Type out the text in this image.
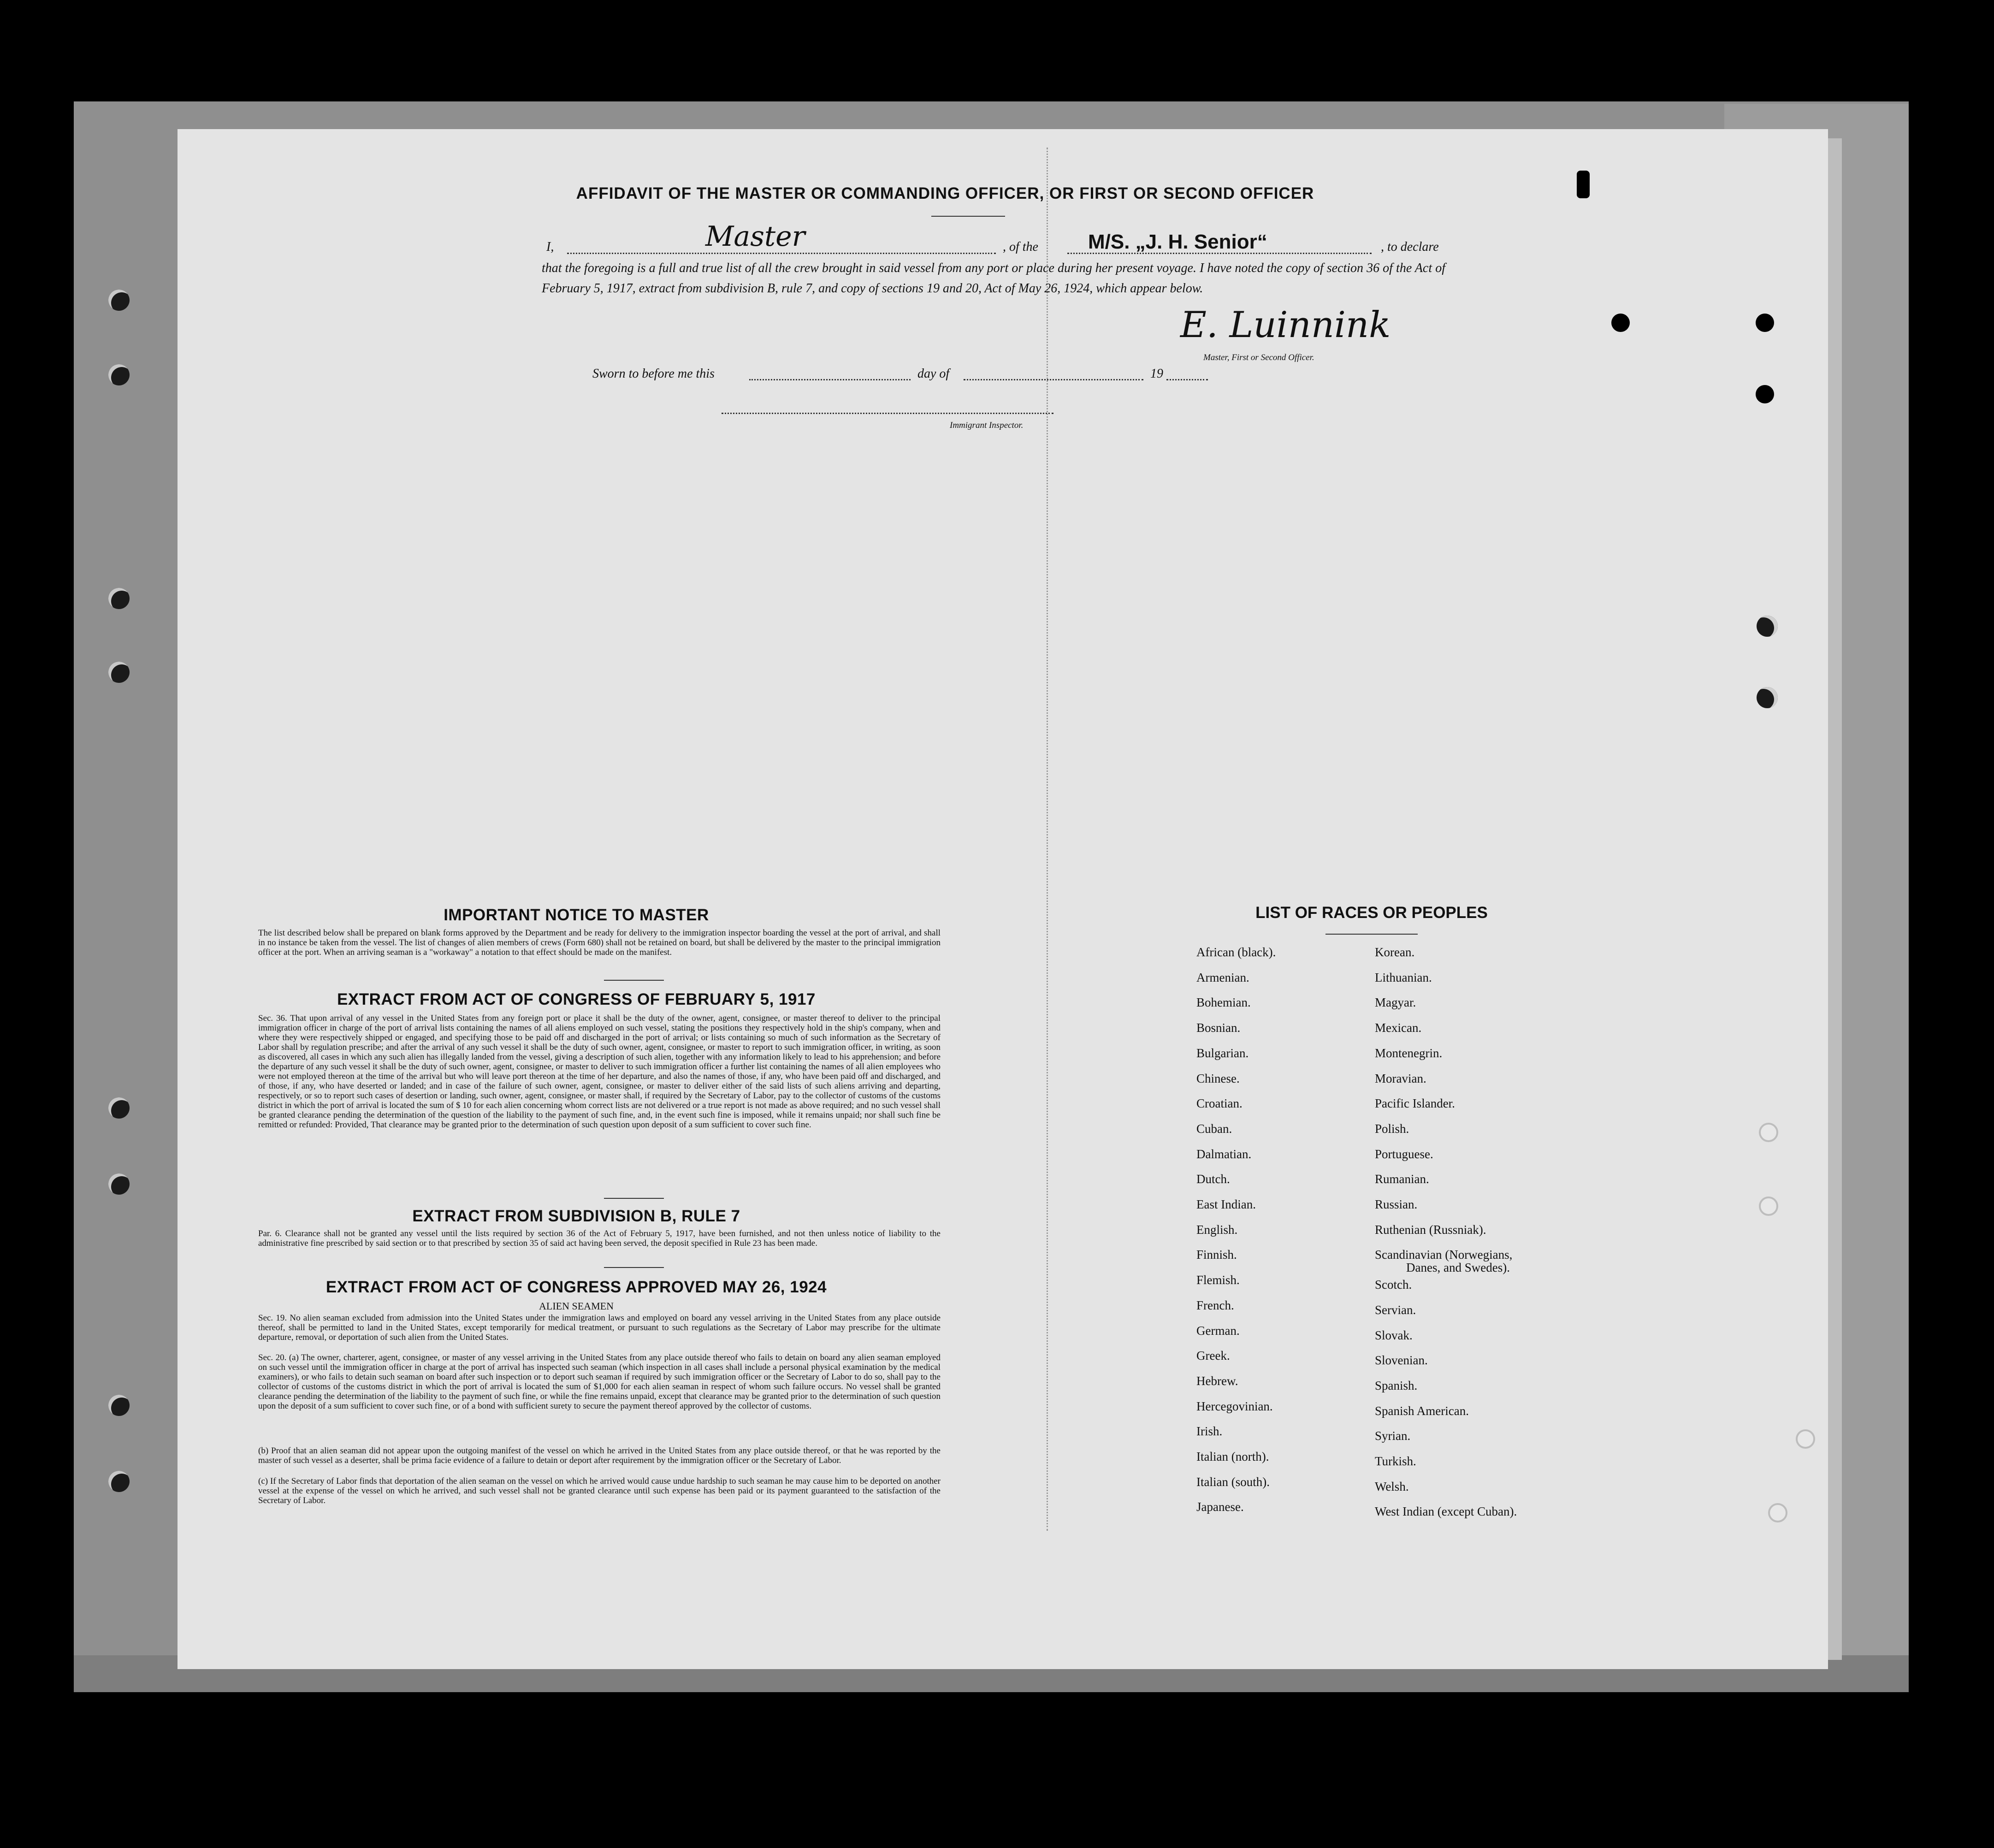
AFFIDAVIT OF THE MASTER OR COMMANDING OFFICER, OR FIRST OR SECOND OFFICER
I,	Master	, of the M/S. „J. H. Senior“	, to declare
that the foregoing is a full and true list of all the crew brought in said vessel from any port or place during her present voyage. I have noted the copy of section 36 of the Act of February 5, 1917, extract from subdivision B, rule 7, and copy of sections 19 and 20, Act of May 26, 1924, which appear below.
E. Luinnink
Master, First or Second Officer.
Sworn to before me this	day of	19
Immigrant Inspector.
IMPORTANT NOTICE TO MASTER
The list described below shall be prepared on blank forms approved by the Department and be ready for delivery to the immigration inspector boarding the vessel at the port of arrival, and shall in no instance be taken from the vessel. The list of changes of alien members of crews (Form 680) shall not be retained on board, but shall be delivered by the master to the principal immigration officer at the port. When an arriving seaman is a "workaway" a notation to that effect should be made on the manifest.
EXTRACT FROM ACT OF CONGRESS OF FEBRUARY 5, 1917
Sec. 36. That upon arrival of any vessel in the United States from any foreign port or place it shall be the duty of the owner, agent, consignee, or master thereof to deliver to the principal immigration officer in charge of the port of arrival lists containing the names of all aliens employed on such vessel, stating the positions they respectively hold in the ship's company, when and where they were respectively shipped or engaged, and specifying those to be paid off and discharged in the port of arrival; or lists containing so much of such information as the Secretary of Labor shall by regulation prescribe; and after the arrival of any such vessel it shall be the duty of such owner, agent, consignee, or master to report to such immigration officer, in writing, as soon as discovered, all cases in which any such alien has illegally landed from the vessel, giving a description of such alien, together with any information likely to lead to his apprehension; and before the departure of any such vessel it shall be the duty of such owner, agent, consignee, or master to deliver to such immigration officer a further list containing the names of all alien employees who were not employed thereon at the time of the arrival but who will leave port thereon at the time of her departure, and also the names of those, if any, who have been paid off and discharged, and of those, if any, who have deserted or landed; and in case of the failure of such owner, agent, consignee, or master to deliver either of the said lists of such aliens arriving and departing, respectively, or so to report such cases of desertion or landing, such owner, agent, consignee, or master shall, if required by the Secretary of Labor, pay to the collector of customs of the customs district in which the port of arrival is located the sum of $ 10 for each alien concerning whom correct lists are not delivered or a true report is not made as above required; and no such vessel shall be granted clearance pending the determination of the question of the liability to the payment of such fine, and, in the event such fine is imposed, while it remains unpaid; nor shall such fine be remitted or refunded: Provided, That clearance may be granted prior to the determination of such question upon deposit of a sum sufficient to cover such fine.
EXTRACT FROM SUBDIVISION B, RULE 7
Par. 6. Clearance shall not be granted any vessel until the lists required by section 36 of the Act of February 5, 1917, have been furnished, and not then unless notice of liability to the administrative fine prescribed by said section or to that prescribed by section 35 of said act having been served, the deposit specified in Rule 23 has been made.
EXTRACT FROM ACT OF CONGRESS APPROVED MAY 26, 1924
ALIEN SEAMEN
Sec. 19. No alien seaman excluded from admission into the United States under the immigration laws and employed on board any vessel arriving in the United States from any place outside thereof, shall be permitted to land in the United States, except temporarily for medical treatment, or pursuant to such regulations as the Secretary of Labor may prescribe for the ultimate departure, removal, or deportation of such alien from the United States.
Sec. 20. (a) The owner, charterer, agent, consignee, or master of any vessel arriving in the United States from any place outside thereof who fails to detain on board any alien seaman employed on such vessel until the immigration officer in charge at the port of arrival has inspected such seaman (which inspection in all cases shall include a personal physical examination by the medical examiners), or who fails to detain such seaman on board after such inspection or to deport such seaman if required by such immigration officer or the Secretary of Labor to do so, shall pay to the collector of customs of the customs district in which the port of arrival is located the sum of $1,000 for each alien seaman in respect of whom such failure occurs. No vessel shall be granted clearance pending the determination of the liability to the payment of such fine, or while the fine remains unpaid, except that clearance may be granted prior to the determination of such question upon the deposit of a sum sufficient to cover such fine, or of a bond with sufficient surety to secure the payment thereof approved by the collector of customs.
(b) Proof that an alien seaman did not appear upon the outgoing manifest of the vessel on which he arrived in the United States from any place outside thereof, or that he was reported by the master of such vessel as a deserter, shall be prima facie evidence of a failure to detain or deport after requirement by the immigration officer or the Secretary of Labor.
(c) If the Secretary of Labor finds that deportation of the alien seaman on the vessel on which he arrived would cause undue hardship to such seaman he may cause him to be deported on another vessel at the expense of the vessel on which he arrived, and such vessel shall not be granted clearance until such expense has been paid or its payment guaranteed to the satisfaction of the Secretary of Labor.
LIST OF RACES OR PEOPLES
African (black).
Armenian.
Bohemian.
Bosnian.
Bulgarian.
Chinese.
Croatian.
Cuban.
Dalmatian.
Dutch.
East Indian.
English.
Finnish.
Flemish.
French.
German.
Greek.
Hebrew.
Hercegovinian.
Irish.
Italian (north).
Italian (south).
Japanese.
Korean.
Lithuanian.
Magyar.
Mexican.
Montenegrin.
Moravian.
Pacific Islander.
Polish.
Portuguese.
Rumanian.
Russian.
Ruthenian (Russniak).
Scandinavian (Norwegians,
Danes, and Swedes).
Scotch.
Servian.
Slovak.
Slovenian.
Spanish.
Spanish American.
Syrian.
Turkish.
Welsh.
West Indian (except Cuban).
